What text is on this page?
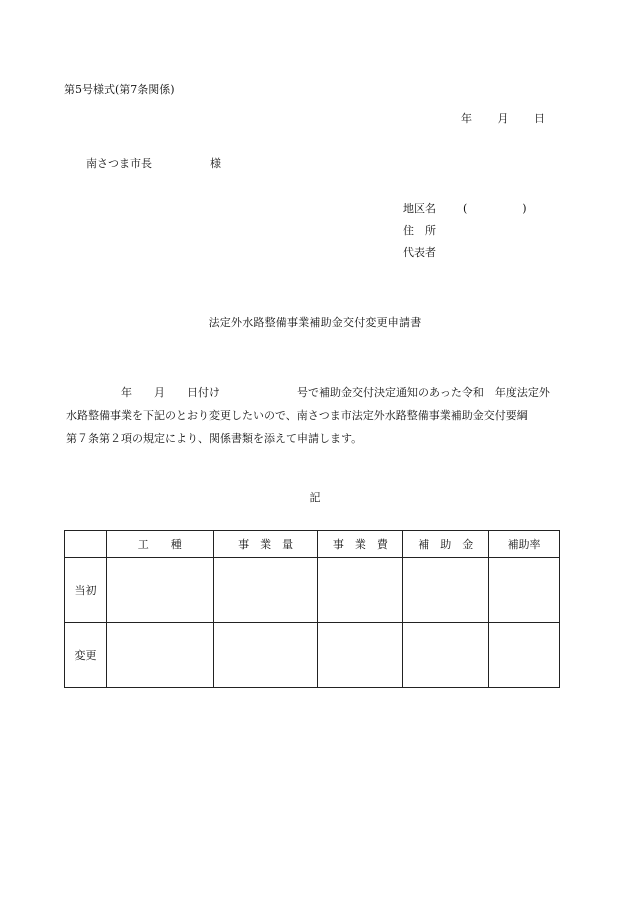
第5号様式(第7条関係)
年 月 日
南さつま市長	様
地区名 (　　　　　)
住　所
代表者
法定外水路整備事業補助金交付変更申請書

　　　　　年　　月　　日付け　　　　　　　号で補助金交付決定通知のあった令和　年度法定外

水路整備事業を下記のとおり変更したいので、南さつま市法定外水路整備事業補助金交付要綱

第７条第２項の規定により、関係書類を添えて申請します。

記
	工　　種	事　業　量	事　業　費	補　助　金	補助率
当初					
変更					
